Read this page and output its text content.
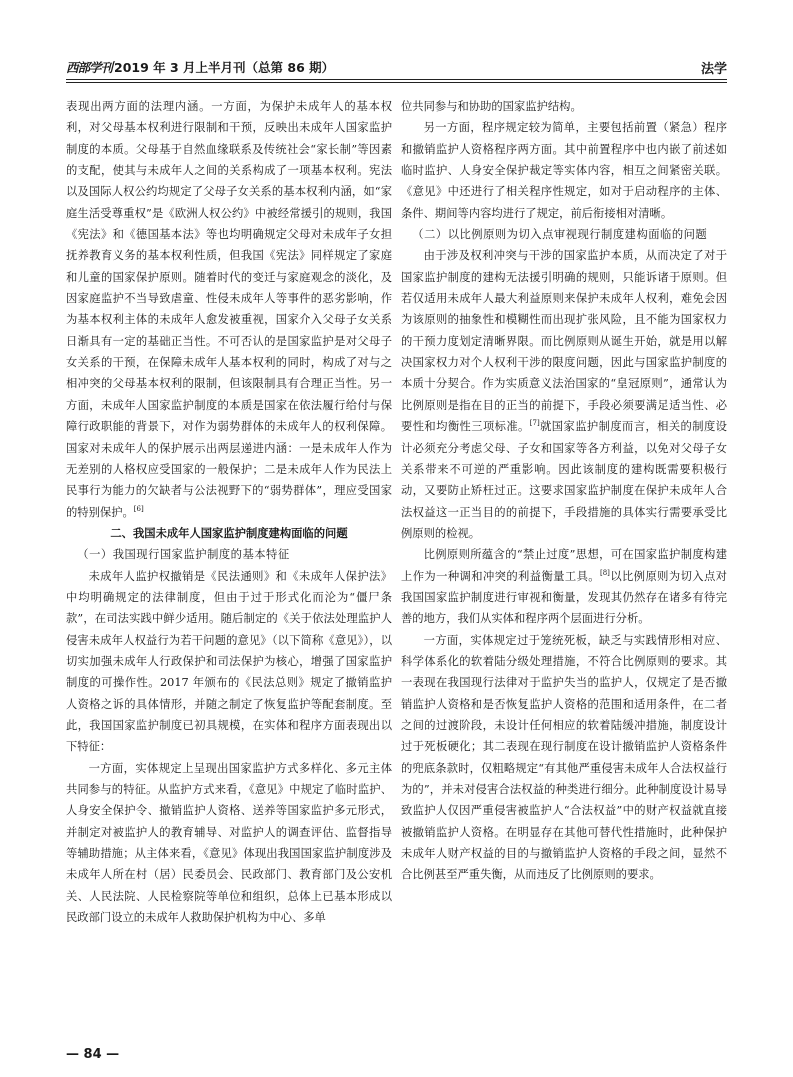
西部学刊 2019 年 3 月上半月刊（总第 86 期）	法学

表现出两方面的法理内涵。一方面，为保护未成年人的基本权利，对父母基本权利进行限制和干预，反映出未成年人国家监护制度的本质。父母基于自然血缘联系及传统社会“家长制”等因素的支配，使其与未成年人之间的关系构成了一项基本权利。宪法以及国际人权公约均规定了父母子女关系的基本权利内涵，如“家庭生活受尊重权”是《欧洲人权公约》中被经常援引的规则，我国《宪法》和《德国基本法》等也均明确规定父母对未成年子女担抚养教育义务的基本权利性质，但我国《宪法》同样规定了家庭和儿童的国家保护原则。随着时代的变迁与家庭观念的淡化，及因家庭监护不当导致虐童、性侵未成年人等事件的恶劣影响，作为基本权利主体的未成年人愈发被重视，国家介入父母子女关系日渐具有一定的基础正当性。不可否认的是国家监护是对父母子女关系的干预，在保障未成年人基本权利的同时，构成了对与之相冲突的父母基本权利的限制，但该限制具有合理正当性。另一方面，未成年人国家监护制度的本质是国家在依法履行给付与保障行政职能的背景下，对作为弱势群体的未成年人的权利保障。国家对未成年人的保护展示出两层递进内涵：一是未成年人作为无差别的人格权应受国家的一般保护；二是未成年人作为民法上民事行为能力的欠缺者与公法视野下的“弱势群体”，理应受国家的特别保护。[6]

二、我国未成年人国家监护制度建构面临的问题

（一）我国现行国家监护制度的基本特征

未成年人监护权撤销是《民法通则》和《未成年人保护法》中均明确规定的法律制度，但由于过于形式化而沦为“僵尸条款”，在司法实践中鲜少适用。随后制定的《关于依法处理监护人侵害未成年人权益行为若干问题的意见》（以下简称《意见》），以切实加强未成年人行政保护和司法保护为核心，增强了国家监护制度的可操作性。2017 年颁布的《民法总则》规定了撤销监护人资格之诉的具体情形，并随之制定了恢复监护等配套制度。至此，我国国家监护制度已初具规模，在实体和程序方面表现出以下特征：

一方面，实体规定上呈现出国家监护方式多样化、多元主体共同参与的特征。从监护方式来看，《意见》中规定了临时监护、人身安全保护令、撤销监护人资格、送养等国家监护多元形式，并制定对被监护人的教育辅导、对监护人的调查评估、监督指导等辅助措施；从主体来看，《意见》体现出我国国家监护制度涉及未成年人所在村（居）民委员会、民政部门、教育部门及公安机关、人民法院、人民检察院等单位和组织，总体上已基本形成以民政部门设立的未成年人救助保护机构为中心、多单

位共同参与和协助的国家监护结构。

另一方面，程序规定较为简单，主要包括前置（紧急）程序和撤销监护人资格程序两方面。其中前置程序中也内嵌了前述如临时监护、人身安全保护裁定等实体内容，相互之间紧密关联。《意见》中还进行了相关程序性规定，如对于启动程序的主体、条件、期间等内容均进行了规定，前后衔接相对清晰。

（二）以比例原则为切入点审视现行制度建构面临的问题

由于涉及权利冲突与干涉的国家监护本质，从而决定了对于国家监护制度的建构无法援引明确的规则，只能诉诸于原则。但若仅适用未成年人最大利益原则来保护未成年人权利，难免会因为该原则的抽象性和模糊性而出现扩张风险，且不能为国家权力的干预力度划定清晰界限。而比例原则从诞生开始，就是用以解决国家权力对个人权利干涉的限度问题，因此与国家监护制度的本质十分契合。作为实质意义法治国家的“皇冠原则”，通常认为比例原则是指在目的正当的前提下，手段必须要满足适当性、必要性和均衡性三项标准。[7]就国家监护制度而言，相关的制度设计必须充分考虑父母、子女和国家等各方利益，以免对父母子女关系带来不可逆的严重影响。因此该制度的建构既需要积极行动，又要防止矫枉过正。这要求国家监护制度在保护未成年人合法权益这一正当目的的前提下，手段措施的具体实行需要承受比例原则的检视。

比例原则所蕴含的“禁止过度”思想，可在国家监护制度构建上作为一种调和冲突的利益衡量工具。[8]以比例原则为切入点对我国国家监护制度进行审视和衡量，发现其仍然存在诸多有待完善的地方，我们从实体和程序两个层面进行分析。

一方面，实体规定过于笼统死板，缺乏与实践情形相对应、科学体系化的软着陆分级处理措施，不符合比例原则的要求。其一表现在我国现行法律对于监护失当的监护人，仅规定了是否撤销监护人资格和是否恢复监护人资格的范围和适用条件，在二者之间的过渡阶段，未设计任何相应的软着陆缓冲措施，制度设计过于死板硬化；其二表现在现行制度在设计撤销监护人资格条件的兜底条款时，仅粗略规定“有其他严重侵害未成年人合法权益行为的”，并未对侵害合法权益的种类进行细分。此种制度设计易导致监护人仅因严重侵害被监护人“合法权益”中的财产权益就直接被撤销监护人资格。在明显存在其他可替代性措施时，此种保护未成年人财产权益的目的与撤销监护人资格的手段之间，显然不合比例甚至严重失衡，从而违反了比例原则的要求。

— 84 —
